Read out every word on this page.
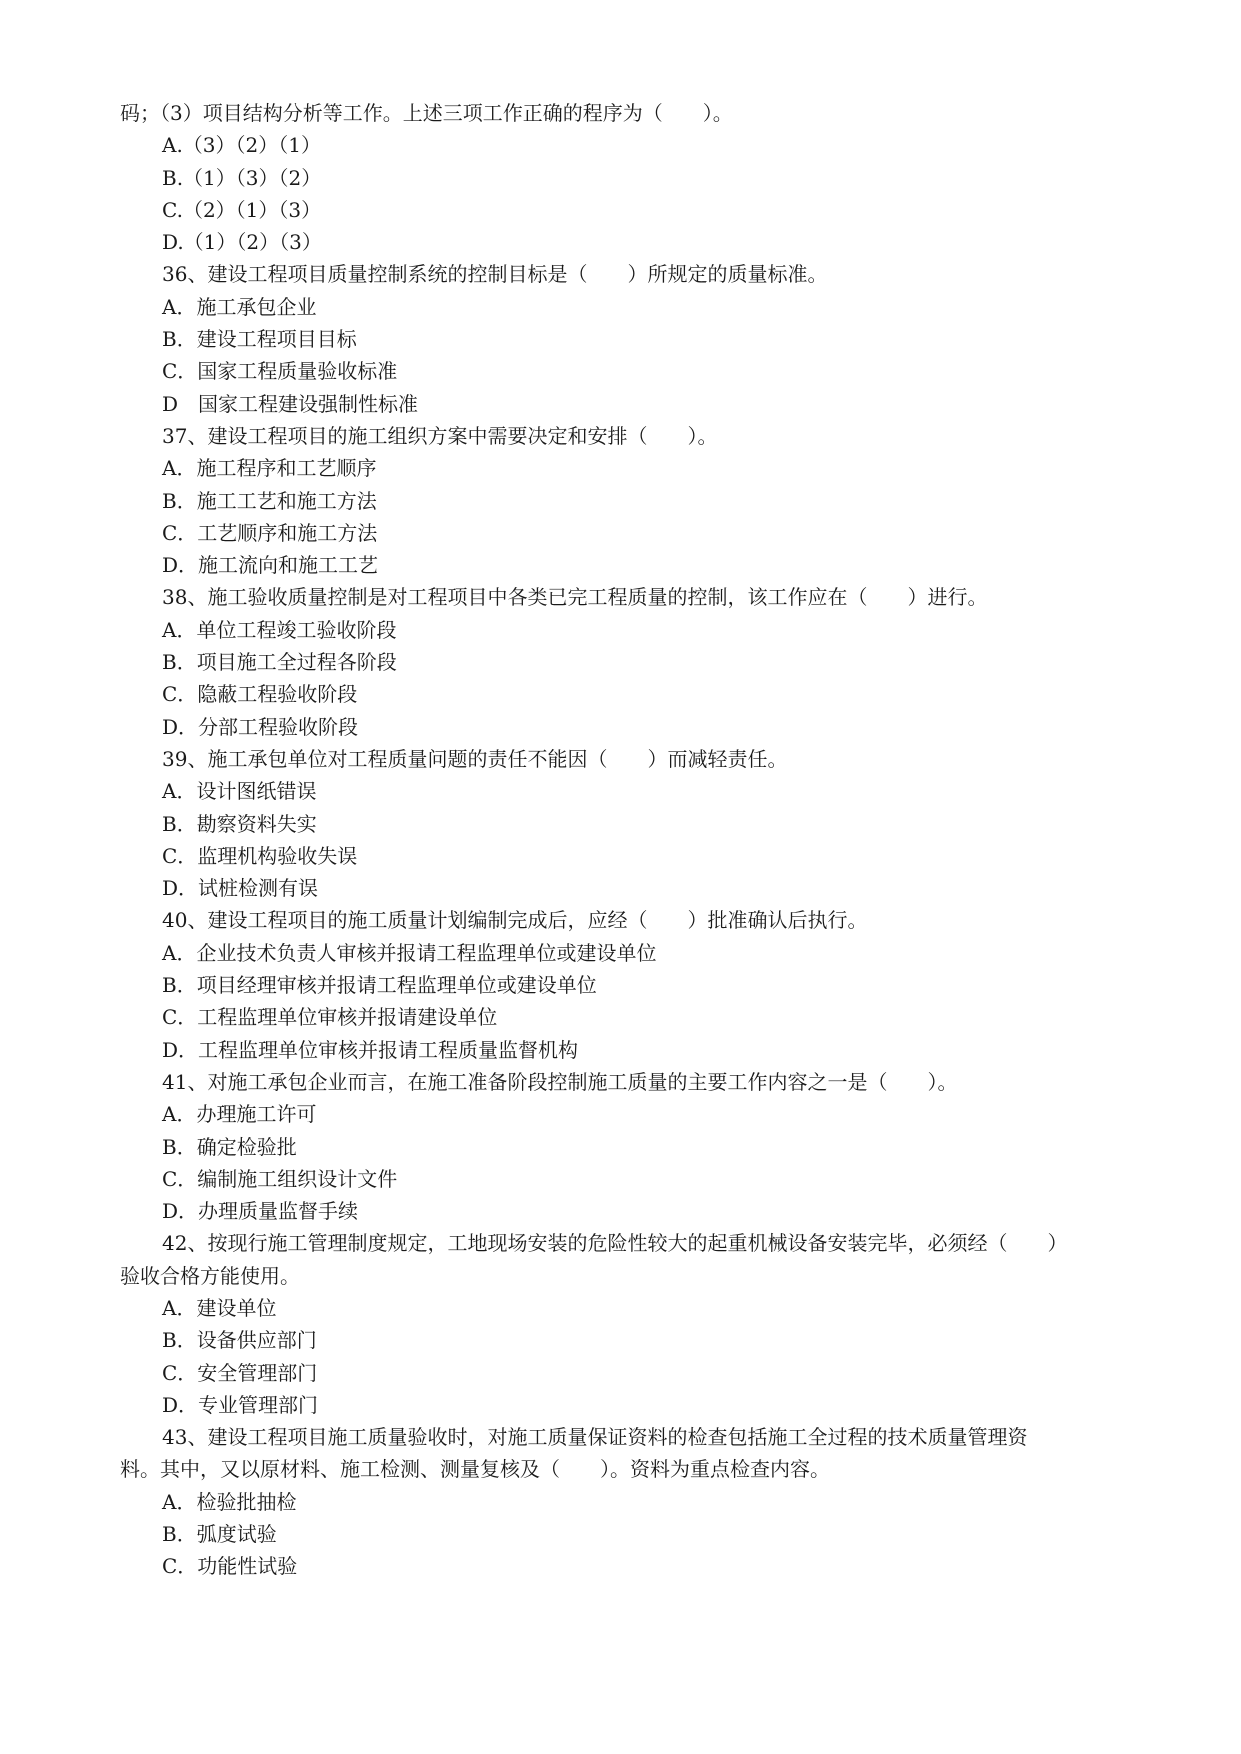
码；（3）项目结构分析等工作。上述三项工作正确的程序为（　　）。
A.（3）（2）（1）
B.（1）（3）（2）
C.（2）（1）（3）
D.（1）（2）（3）
36、建设工程项目质量控制系统的控制目标是（　　）所规定的质量标准。
A．施工承包企业
B．建设工程项目目标
C．国家工程质量验收标准
D　国家工程建设强制性标准
37、建设工程项目的施工组织方案中需要决定和安排（　　）。
A．施工程序和工艺顺序
B．施工工艺和施工方法
C．工艺顺序和施工方法
D．施工流向和施工工艺
38、施工验收质量控制是对工程项目中各类已完工程质量的控制，该工作应在（　　）进行。
A．单位工程竣工验收阶段
B．项目施工全过程各阶段
C．隐蔽工程验收阶段
D．分部工程验收阶段
39、施工承包单位对工程质量问题的责任不能因（　　）而减轻责任。
A．设计图纸错误
B．勘察资料失实
C．监理机构验收失误
D．试桩检测有误
40、建设工程项目的施工质量计划编制完成后，应经（　　）批准确认后执行。
A．企业技术负责人审核并报请工程监理单位或建设单位
B．项目经理审核并报请工程监理单位或建设单位
C．工程监理单位审核并报请建设单位
D．工程监理单位审核并报请工程质量监督机构
41、对施工承包企业而言，在施工准备阶段控制施工质量的主要工作内容之一是（　　）。
A．办理施工许可
B．确定检验批
C．编制施工组织设计文件
D．办理质量监督手续
42、按现行施工管理制度规定，工地现场安装的危险性较大的起重机械设备安装完毕，必须经（　　）
验收合格方能使用。
A．建设单位
B．设备供应部门
C．安全管理部门
D．专业管理部门
43、建设工程项目施工质量验收时，对施工质量保证资料的检查包括施工全过程的技术质量管理资
料。其中，又以原材料、施工检测、测量复核及（　　）。资料为重点检查内容。
A．检验批抽检
B．弧度试验
C．功能性试验
